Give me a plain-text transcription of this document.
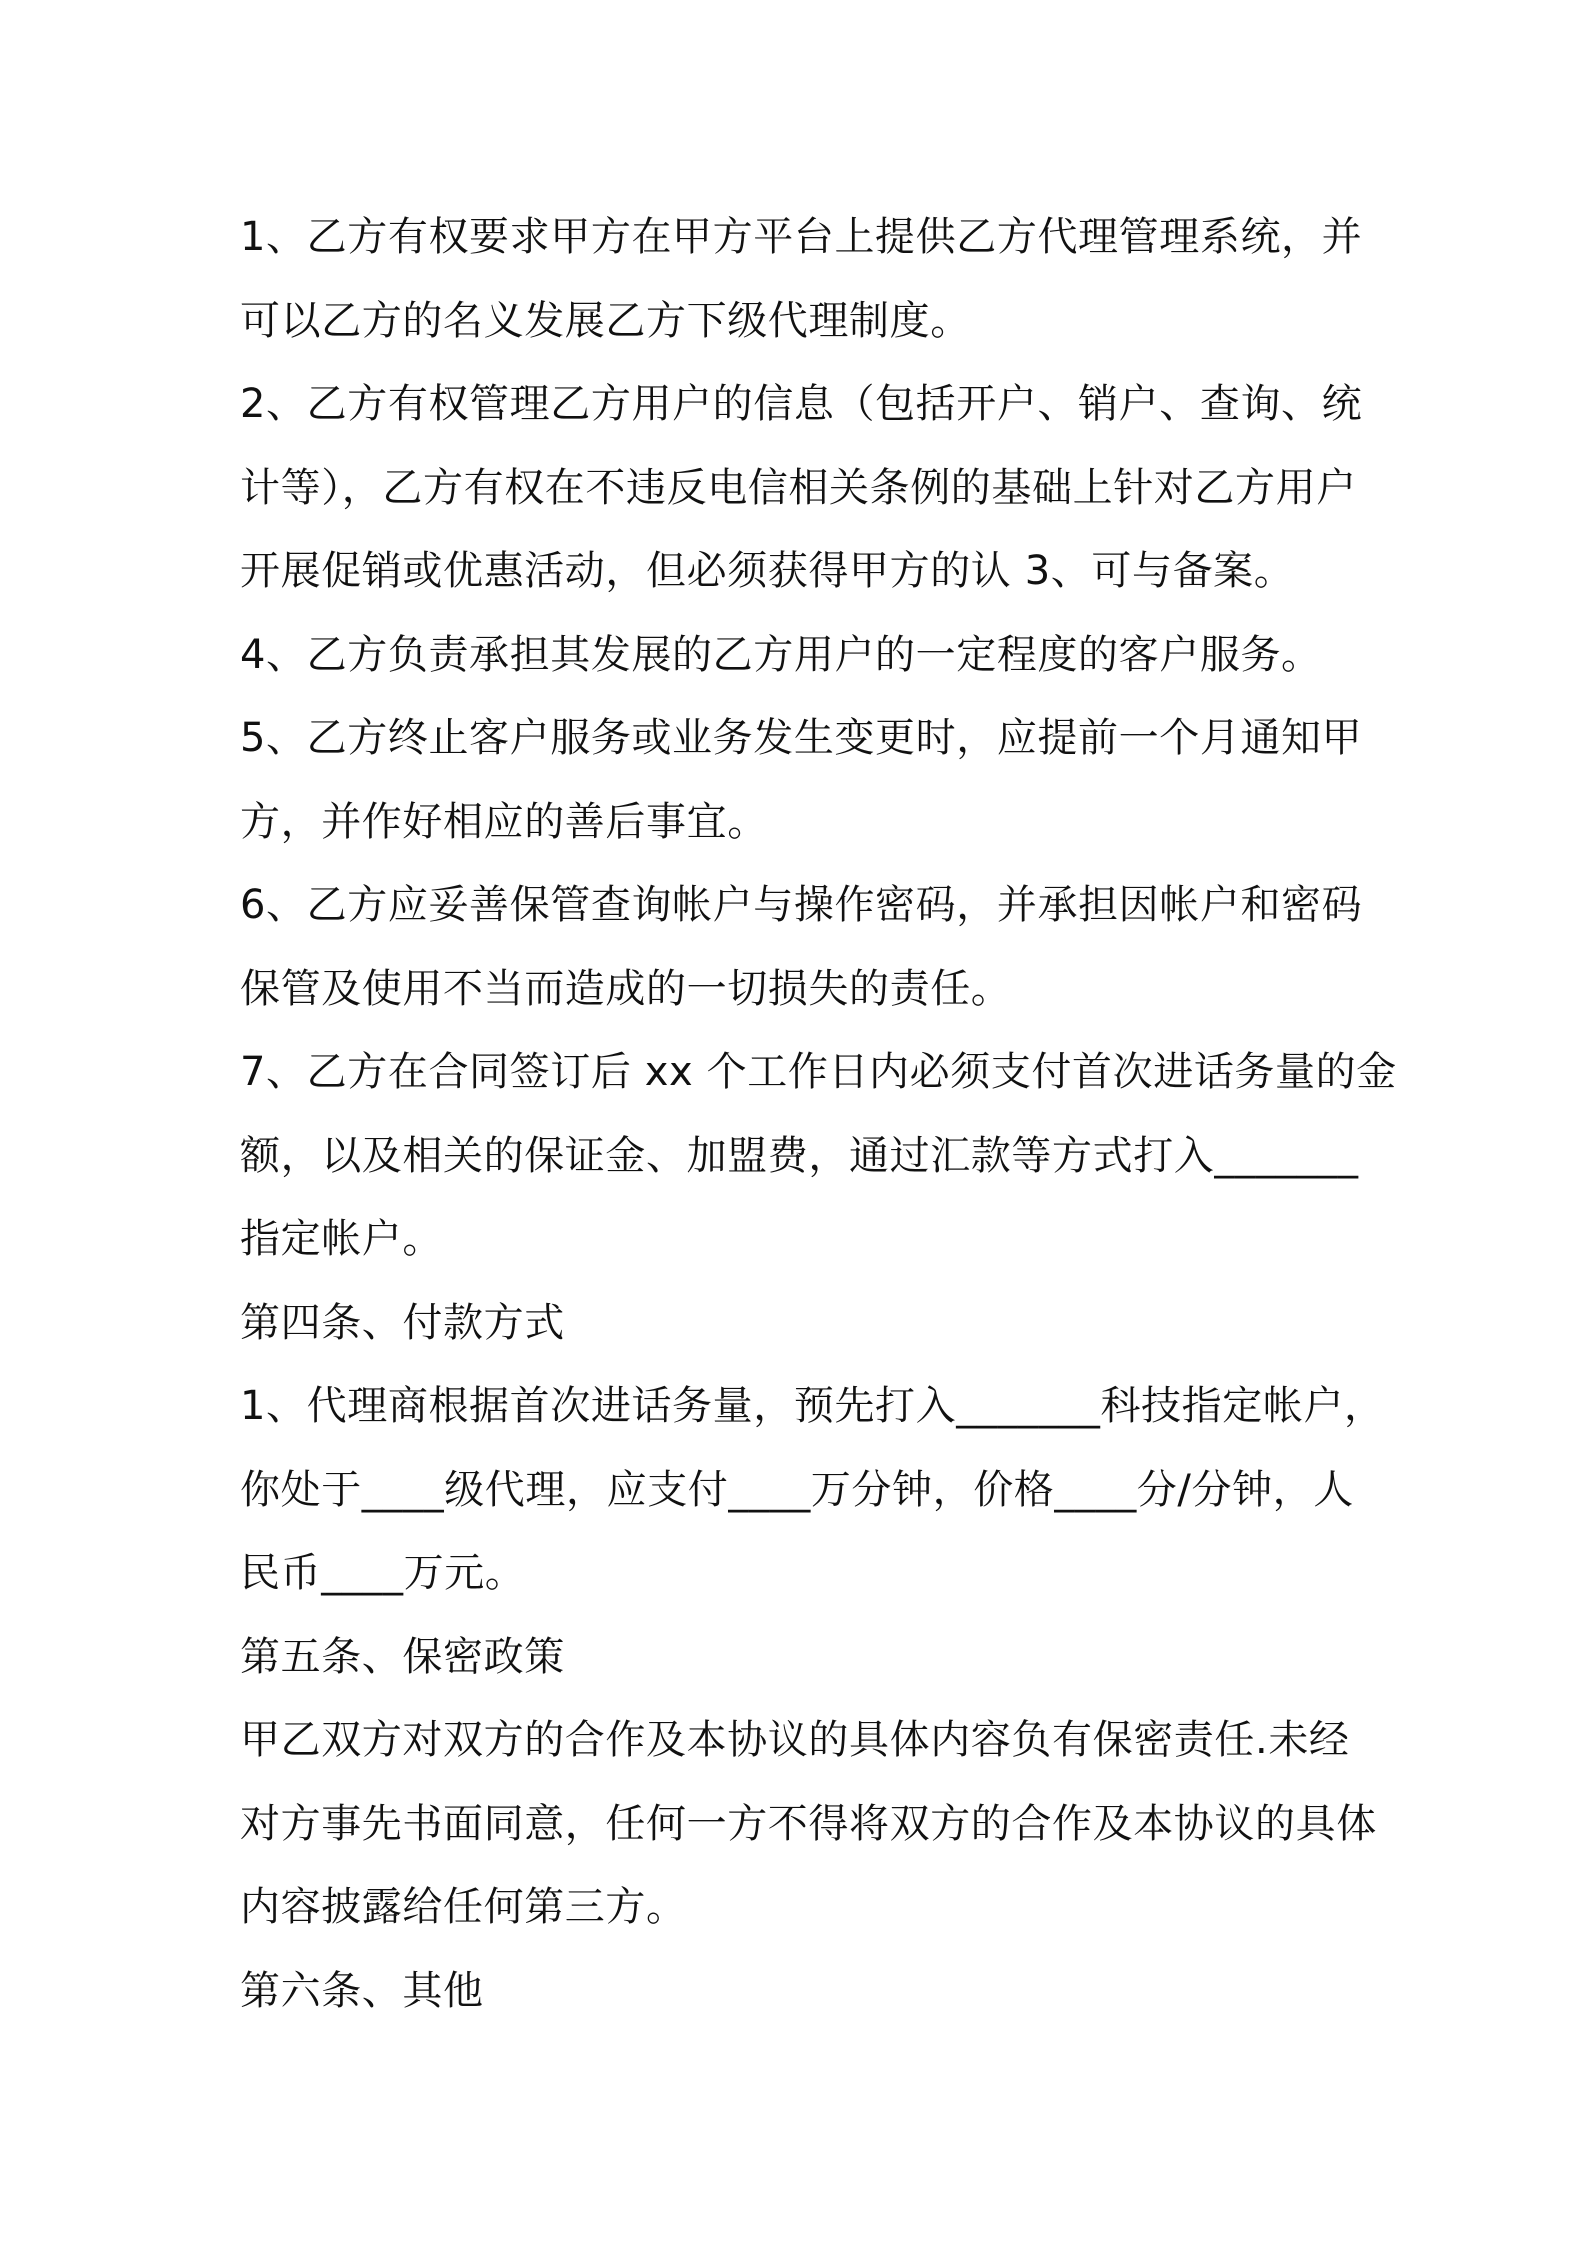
1、乙方有权要求甲方在甲方平台上提供乙方代理管理系统，并
可以乙方的名义发展乙方下级代理制度。
2、乙方有权管理乙方用户的信息（包括开户、销户、查询、统
计等），乙方有权在不违反电信相关条例的基础上针对乙方用户
开展促销或优惠活动，但必须获得甲方的认 3、可与备案。
4、乙方负责承担其发展的乙方用户的一定程度的客户服务。
5、乙方终止客户服务或业务发生变更时，应提前一个月通知甲
方，并作好相应的善后事宜。
6、乙方应妥善保管查询帐户与操作密码，并承担因帐户和密码
保管及使用不当而造成的一切损失的责任。
7、乙方在合同签订后 xx 个工作日内必须支付首次进话务量的金
额，以及相关的保证金、加盟费，通过汇款等方式打入_______
指定帐户。
第四条、付款方式
1、代理商根据首次进话务量，预先打入_______科技指定帐户，
你处于____级代理，应支付____万分钟，价格____分/分钟，人
民币____万元。
第五条、保密政策
甲乙双方对双方的合作及本协议的具体内容负有保密责任.未经
对方事先书面同意，任何一方不得将双方的合作及本协议的具体
内容披露给任何第三方。
第六条、其他
